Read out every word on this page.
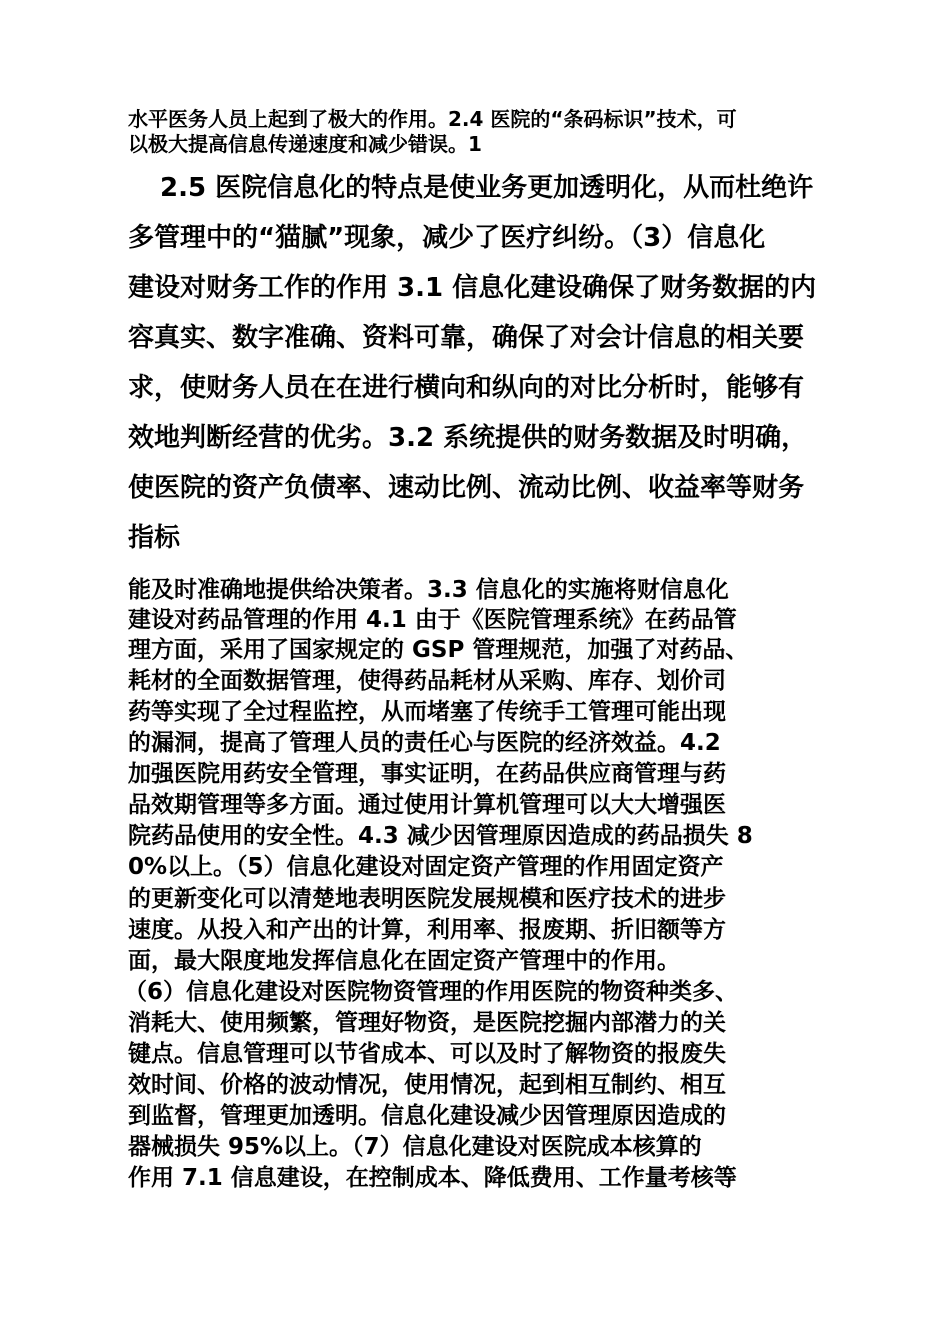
水平医务人员上起到了极大的作用。2.4 医院的“条码标识”技术，可
以极大提高信息传递速度和减少错误。1
2.5 医院信息化的特点是使业务更加透明化，从而杜绝许
多管理中的“猫腻”现象，减少了医疗纠纷。（3）信息化
建设对财务工作的作用 3.1 信息化建设确保了财务数据的内
容真实、数字准确、资料可靠，确保了对会计信息的相关要
求，使财务人员在在进行横向和纵向的对比分析时，能够有
效地判断经营的优劣。3.2 系统提供的财务数据及时明确，
使医院的资产负债率、速动比例、流动比例、收益率等财务
指标
能及时准确地提供给决策者。3.3 信息化的实施将财信息化
建设对药品管理的作用 4.1 由于《医院管理系统》在药品管
理方面，采用了国家规定的 GSP 管理规范，加强了对药品、
耗材的全面数据管理，使得药品耗材从采购、库存、划价司
药等实现了全过程监控，从而堵塞了传统手工管理可能出现
的漏洞，提高了管理人员的责任心与医院的经济效益。4.2
加强医院用药安全管理，事实证明，在药品供应商管理与药
品效期管理等多方面。通过使用计算机管理可以大大增强医
院药品使用的安全性。4.3 减少因管理原因造成的药品损失 8
0%以上。（5）信息化建设对固定资产管理的作用固定资产
的更新变化可以清楚地表明医院发展规模和医疗技术的进步
速度。从投入和产出的计算，利用率、报废期、折旧额等方
面，最大限度地发挥信息化在固定资产管理中的作用。
（6）信息化建设对医院物资管理的作用医院的物资种类多、
消耗大、使用频繁，管理好物资，是医院挖掘内部潜力的关
键点。信息管理可以节省成本、可以及时了解物资的报废失
效时间、价格的波动情况，使用情况，起到相互制约、相互
到监督，管理更加透明。信息化建设减少因管理原因造成的
器械损失 95%以上。（7）信息化建设对医院成本核算的
作用 7.1 信息建设，在控制成本、降低费用、工作量考核等
